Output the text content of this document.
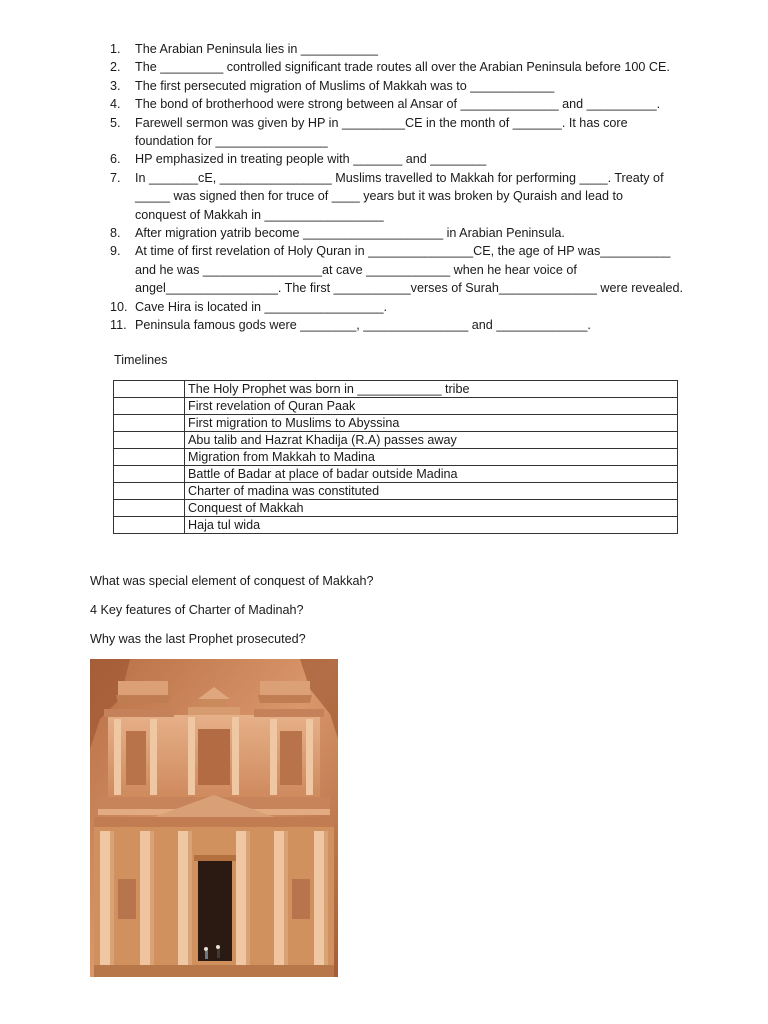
1.	The Arabian Peninsula lies in ___________
2.	The _________ controlled significant trade routes all over the Arabian Peninsula before 100 CE.
3.	The first persecuted migration of Muslims of Makkah was to ____________
4.	The bond of brotherhood were strong between al Ansar of ______________ and __________.
5.	Farewell sermon was given by HP in _________CE in the month of _______. It has core
foundation for ________________
6.	HP emphasized in treating people with _______ and ________
7.	In _______cE, ________________ Muslims travelled to Makkah for performing ____. Treaty of
_____ was signed then for truce of ____ years but it was broken by Quraish and lead to
conquest of Makkah in _________________
8.	After migration yatrib become ____________________ in Arabian Peninsula.
9.	At time of first revelation of Holy Quran in _______________CE, the age of HP was__________
and he was _________________at cave ____________ when he hear voice of
angel________________. The first ___________verses of Surah______________ were revealed.
10. Cave Hira is located in _________________.
11. Peninsula famous gods were ________, _______________ and _____________.
Timelines
	The Holy Prophet was born in ____________ tribe
	First revelation of Quran Paak
	First migration to Muslims to Abyssina
	Abu talib and Hazrat Khadija (R.A) passes away
	Migration from Makkah to Madina
	Battle of Badar at place of badar outside Madina
	Charter of madina was constituted
	Conquest of Makkah
	Haja tul wida
What was special element of conquest of Makkah?
4 Key features of Charter of Madinah?
Why was the last Prophet prosecuted?
